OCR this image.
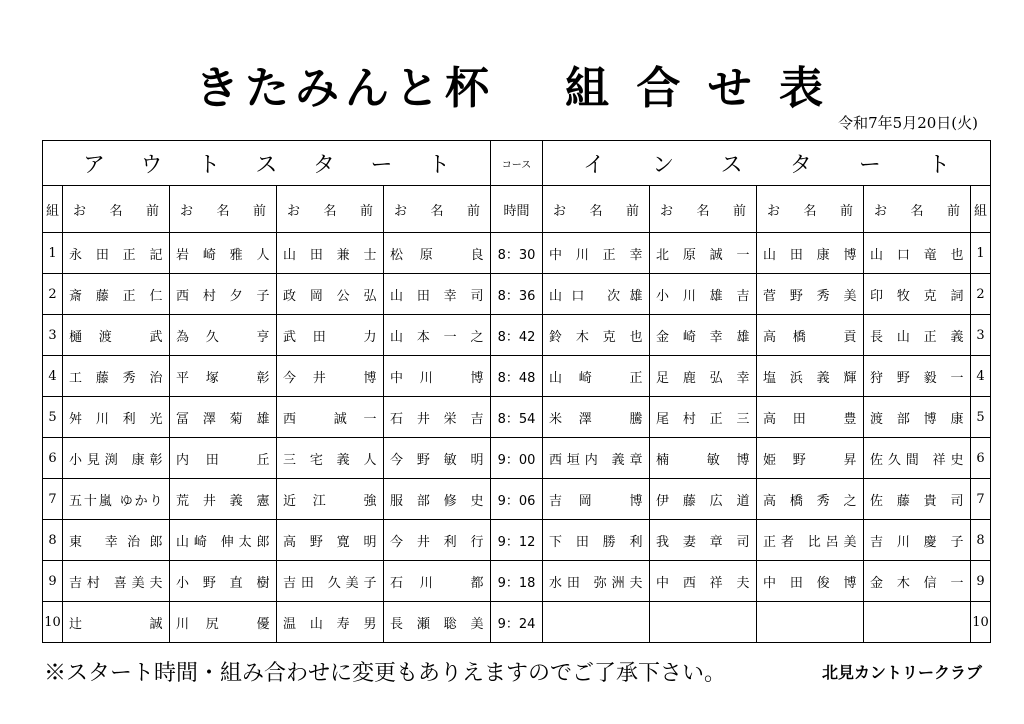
きたみんと杯 組 合 せ 表
令和7年5月20日(火)
アウトスタート					コース	インスタート				
組	お名前	お名前	お名前	お名前	時間	お名前	お名前	お名前	お名前	組
1	永田正記	岩崎雅人	山田兼士	松原 良	8：30	中川正幸	北原誠一	山田康博	山口竜也	1
2	斎藤正仁	西村夕子	政岡公弘	山田幸司	8：36	山口 次雄	小川雄吉	菅野秀美	印牧克詞	2
3	樋渡 武	為久 亨	武田 力	山本一之	8：42	鈴木克也	金崎幸雄	高橋 貢	長山正義	3
4	工藤秀治	平塚 彰	今井 博	中川 博	8：48	山崎 正	足鹿弘幸	塩浜義輝	狩野毅一	4
5	舛川利光	冨澤菊雄	西 誠一	石井栄吉	8：54	米澤 騰	尾村正三	高田 豊	渡部博康	5
6	小見渕 康彰	内田 丘	三宅義人	今野敏明	9：00	西垣内 義章	楠 敏博	姫野 昇	佐久間 祥史	6
7	五十嵐 ゆかり	荒井義憲	近江 強	服部修史	9：06	吉岡 博	伊藤広道	高橋秀之	佐藤貴司	7
8	東 幸治郎	山崎 伸太郎	高野寛明	今井利行	9：12	下田勝利	我妻章司	正者 比呂美	吉川慶子	8
9	吉村 喜美夫	小野直樹	吉田 久美子	石川 都	9：18	水田 弥洲夫	中西祥夫	中田俊博	金木信一	9
10	辻 誠	川尻 優	温山寿男	長瀬聡美	9：24					10
※スタート時間・組み合わせに変更もありえますのでご了承下さい。	北見カントリークラブ
